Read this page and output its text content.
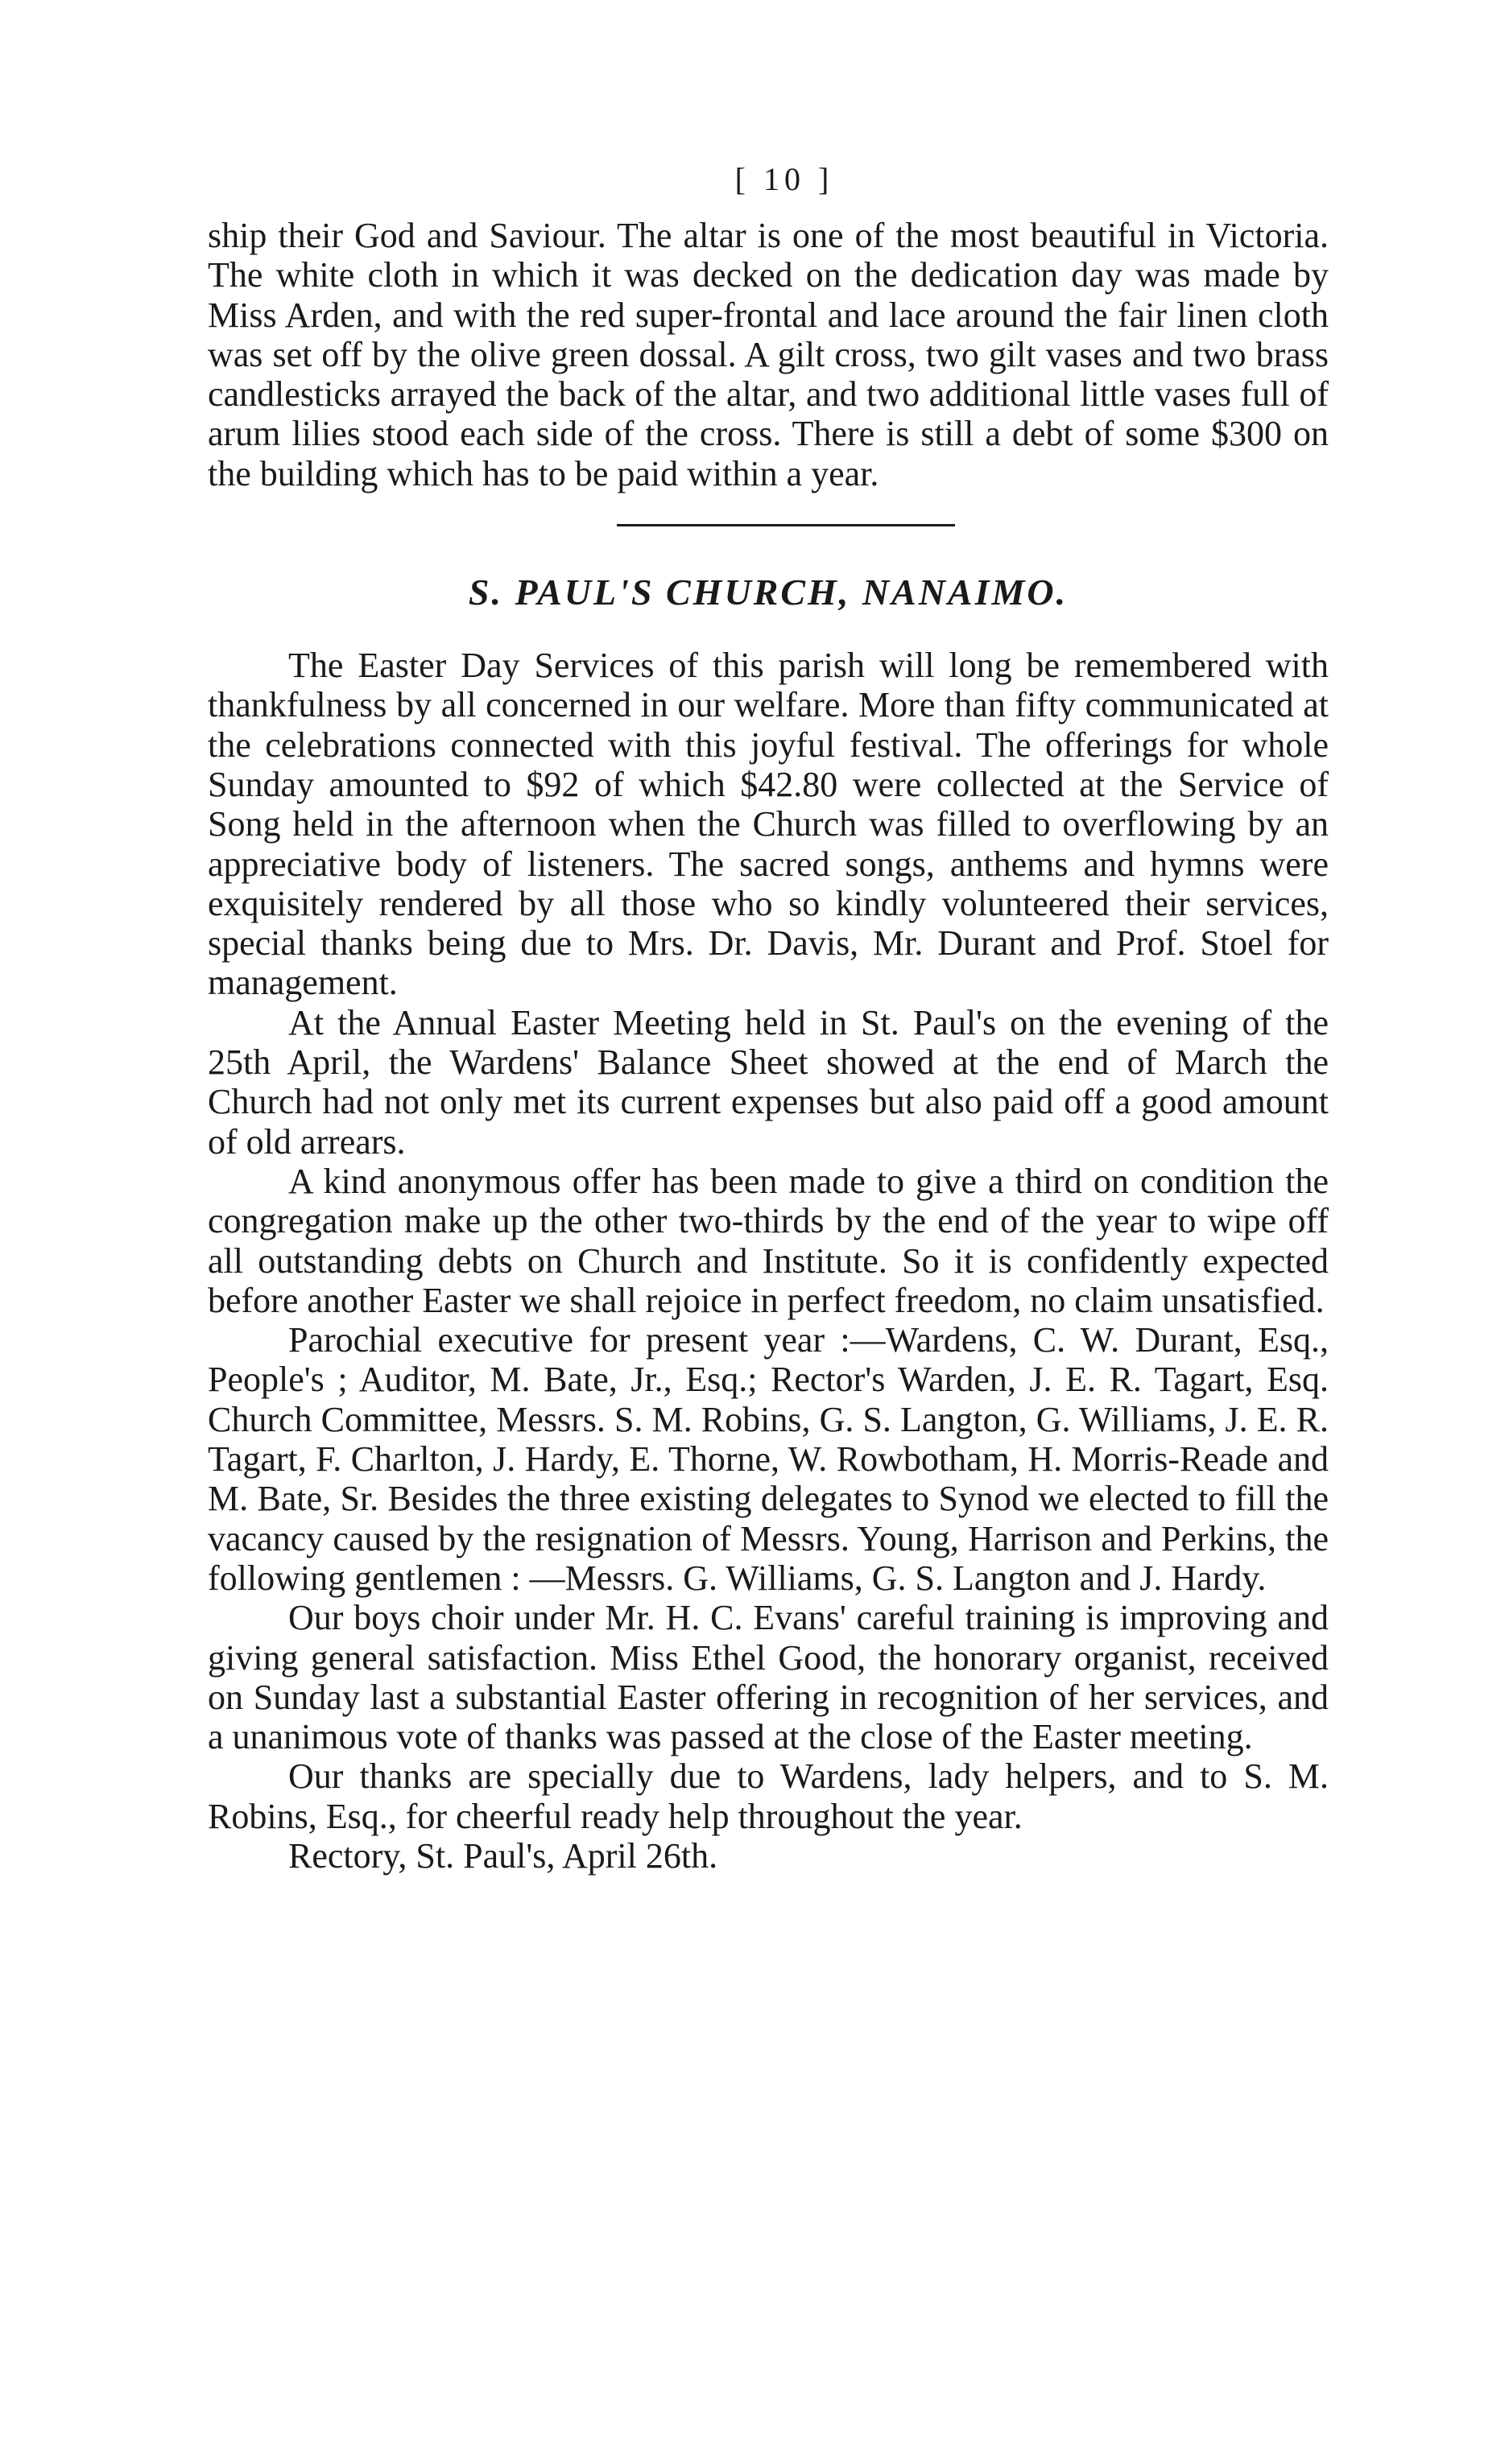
[ 10 ]

ship their God and Saviour. The altar is one of the most beautiful in Victoria. The white cloth in which it was decked on the dedication day was made by Miss Arden, and with the red super-frontal and lace around the fair linen cloth was set off by the olive green dossal. A gilt cross, two gilt vases and two brass candlesticks arrayed the back of the altar, and two additional little vases full of arum lilies stood each side of the cross. There is still a debt of some $300 on the building which has to be paid within a year.

S. PAUL'S CHURCH, NANAIMO.

The Easter Day Services of this parish will long be remembered with thankfulness by all concerned in our welfare. More than fifty communicated at the celebrations connected with this joyful festival. The offerings for whole Sunday amounted to $92 of which $42.80 were collected at the Service of Song held in the afternoon when the Church was filled to overflowing by an appreciative body of listeners. The sacred songs, anthems and hymns were exquisitely rendered by all those who so kindly volunteered their services, special thanks being due to Mrs. Dr. Davis, Mr. Durant and Prof. Stoel for management.

At the Annual Easter Meeting held in St. Paul's on the evening of the 25th April, the Wardens' Balance Sheet showed at the end of March the Church had not only met its current expenses but also paid off a good amount of old arrears.

A kind anonymous offer has been made to give a third on condition the congregation make up the other two-thirds by the end of the year to wipe off all outstanding debts on Church and Institute. So it is confidently expected before another Easter we shall rejoice in perfect freedom, no claim unsatisfied.

Parochial executive for present year :—Wardens, C. W. Durant, Esq., People's ; Auditor, M. Bate, Jr., Esq.; Rector's Warden, J. E. R. Tagart, Esq. Church Committee, Messrs. S. M. Robins, G. S. Langton, G. Williams, J. E. R. Tagart, F. Charlton, J. Hardy, E. Thorne, W. Rowbotham, H. Morris-Reade and M. Bate, Sr. Besides the three existing delegates to Synod we elected to fill the vacancy caused by the resignation of Messrs. Young, Harrison and Perkins, the following gentlemen : —Messrs. G. Williams, G. S. Langton and J. Hardy.

Our boys choir under Mr. H. C. Evans' careful training is improving and giving general satisfaction. Miss Ethel Good, the honorary organist, received on Sunday last a substantial Easter offering in recognition of her services, and a unanimous vote of thanks was passed at the close of the Easter meeting.

Our thanks are specially due to Wardens, lady helpers, and to S. M. Robins, Esq., for cheerful ready help throughout the year.

Rectory, St. Paul's, April 26th.
